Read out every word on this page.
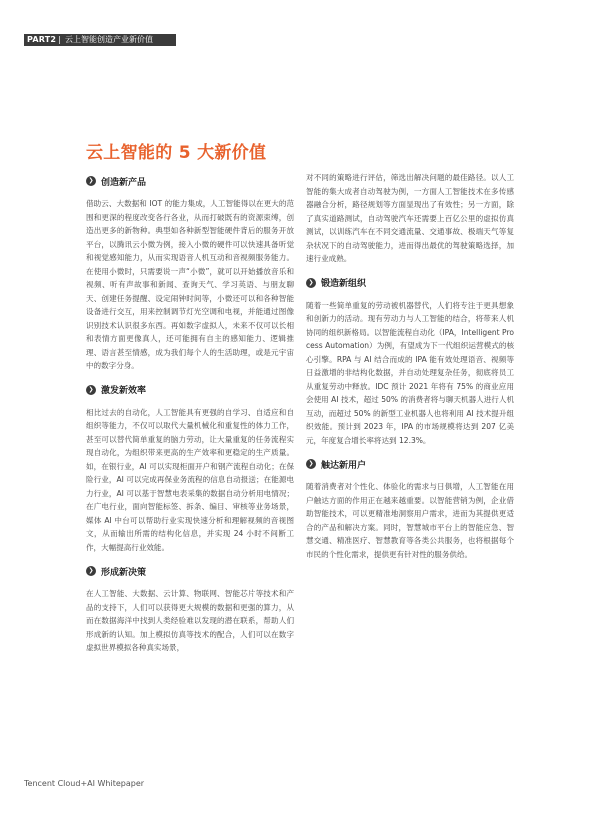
PART2 云上智能创造产业新价值
云上智能的 5 大新价值
❯ 创造新产品

借助云、大数据和 IOT 的能力集成，人工智能得以在更大的范围和更深的程度改变各行各业，从而打破既有的资源束缚，创造出更多的新物种。典型如各种新型智能硬件背后的服务开放平台，以腾讯云小微为例，接入小微的硬件可以快速具备听觉和视觉感知能力，从而实现语音人机互动和音视频服务能力。在使用小微时，只需要说一声“小微”，就可以开始播放音乐和视频、听有声故事和新闻、查询天气、学习英语、与朋友聊天、创建任务提醒、设定闹钟时间等，小微还可以和各种智能设备进行交互，用来控制调节灯光空调和电视，并能通过图像识别技术认识很多东西。再如数字虚拟人，未来不仅可以长相和表情方面更像真人，还可能拥有自主的感知能力、逻辑推理、语言甚至情感，成为我们每个人的生活助理，或是元宇宙中的数字分身。

❯ 激发新效率

相比过去的自动化，人工智能具有更强的自学习、自适应和自组织等能力，不仅可以取代大量机械化和重复性的体力工作，甚至可以替代简单重复的脑力劳动，让大量重复的任务流程实现自动化，为组织带来更高的生产效率和更稳定的生产质量。如，在银行业，AI 可以实现柜面开户和钢产流程自动化；在保险行业，AI 可以完成再保业务流程的信息自动报送；在能源电力行业，AI 可以基于智慧电表采集的数据自动分析用电情况；在广电行业，面向智能标签、拆条、编目、审核等业务场景，媒体 AI 中台可以帮助行业实现快速分析和理解视频的音视图文，从而输出所需的结构化信息，并实现 24 小时不间断工作，大幅提高行业效能。

❯ 形成新决策

在人工智能、大数据、云计算、物联网、智能芯片等技术和产品的支持下，人们可以获得更大规模的数据和更强的算力，从而在数据海洋中找到人类经验难以发现的潜在联系，帮助人们形成新的认知。加上模拟仿真等技术的配合，人们可以在数字虚拟世界模拟各种真实场景，

对不同的策略进行评估，筛选出解决问题的最佳路径。以人工智能的集大成者自动驾驶为例，一方面人工智能技术在多传感器融合分析，路径规划等方面显现出了有效性；另一方面，除了真实道路测试，自动驾驶汽车还需要上百亿公里的虚拟仿真测试，以训练汽车在不同交通流量、交通事故、极端天气等复杂状况下的自动驾驶能力，进而得出最优的驾驶策略选择，加速行业成熟。

❯ 锻造新组织

随着一些简单重复的劳动被机器替代，人们将专注于更具想象和创新力的活动。现有劳动力与人工智能的结合，将带来人机协同的组织新格局。以智能流程自动化（IPA，Intelligent Process Automation）为例，有望成为下一代组织运营模式的核心引擎。RPA 与 AI 结合而成的 IPA 能有效处理语音、视频等日益激增的非结构化数据，并自动处理复杂任务，彻底将员工从重复劳动中释放。IDC 预计 2021 年将有 75% 的商业应用会使用 AI 技术，超过 50% 的消费者将与聊天机器人进行人机互动，而超过 50% 的新型工业机器人也将利用 AI 技术提升组织效能。预计到 2023 年，IPA 的市场规模将达到 207 亿美元，年度复合增长率将达到 12.3%。

❯ 触达新用户

随着消费者对个性化、体验化的需求与日俱增，人工智能在用户触达方面的作用正在越来越重要。以智能营销为例，企业借助智能技术，可以更精准地洞察用户需求，进而为其提供更适合的产品和解决方案。同时，智慧城市平台上的智能应急、智慧交通、精准医疗、智慧教育等各类公共服务，也将根据每个市民的个性化需求，提供更有针对性的服务供给。

Tencent Cloud+AI Whitepaper
